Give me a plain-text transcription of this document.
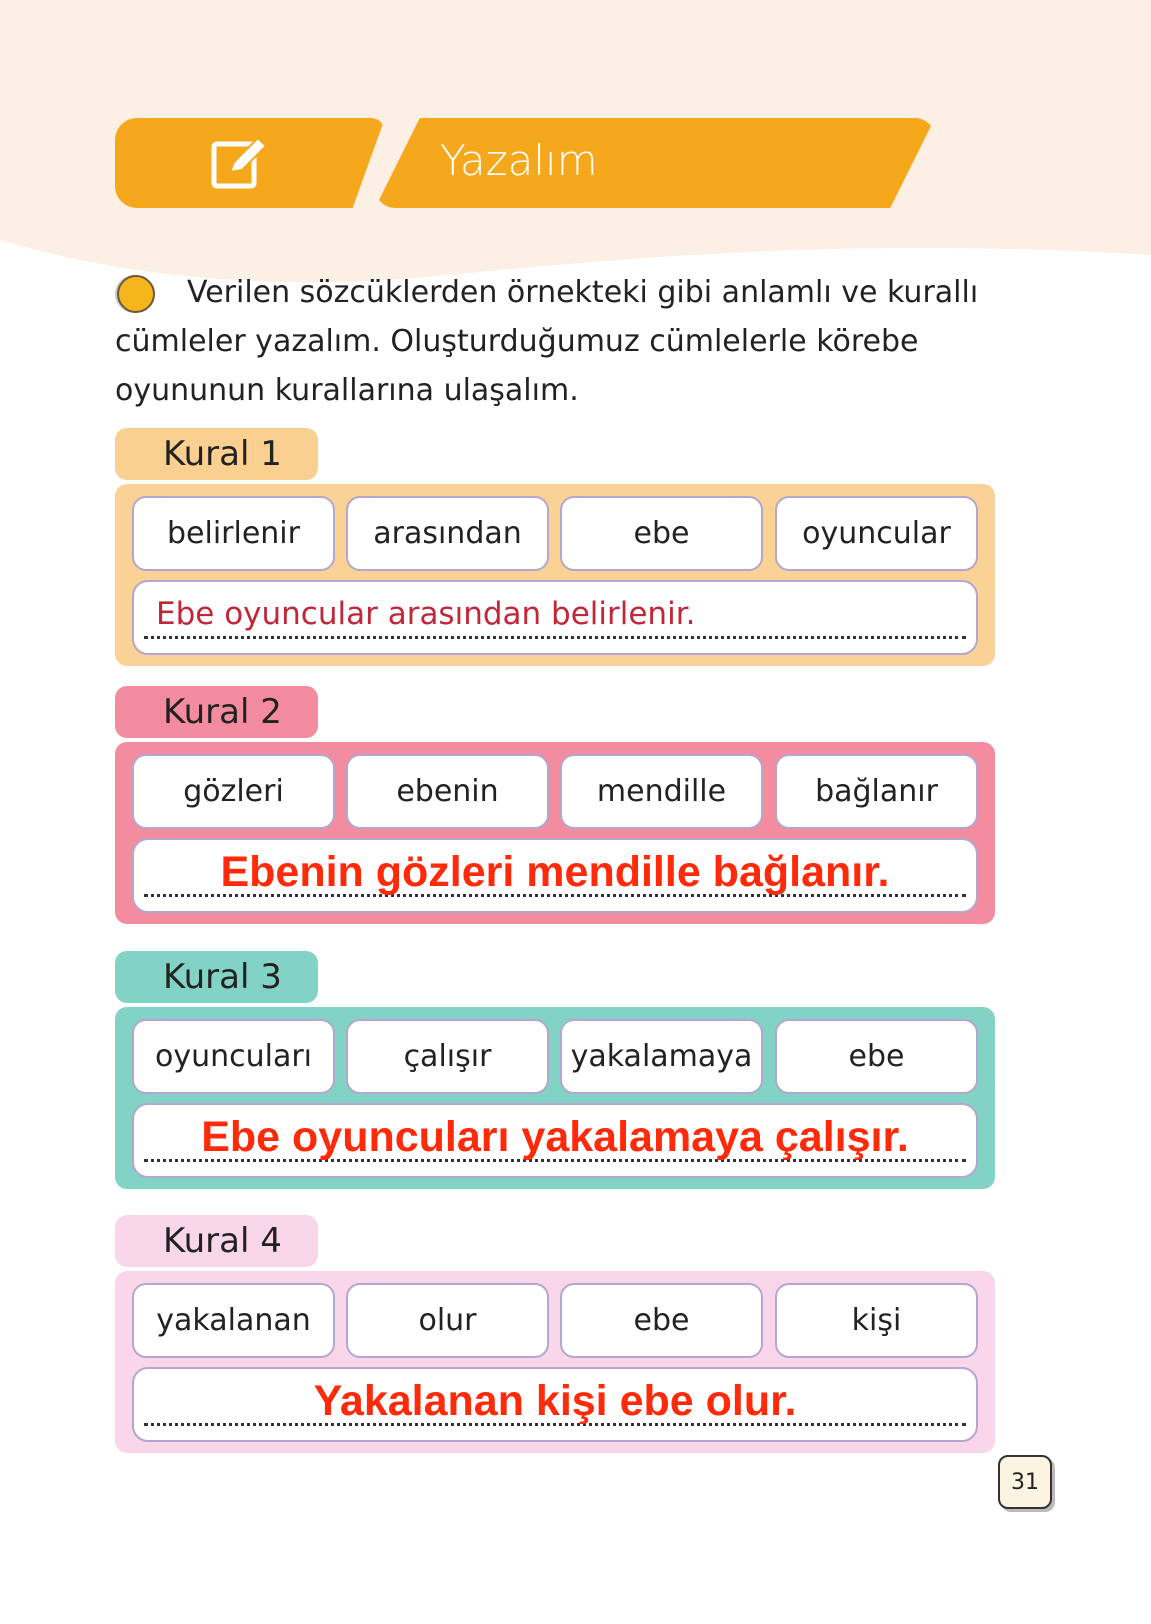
Yazalım
Verilen sözcüklerden örnekteki gibi anlamlı ve kurallı cümleler yazalım. Oluşturduğumuz cümlelerle körebe oyununun kurallarına ulaşalım.
Kural 1
belirlenir	arasından	ebe	oyuncular
Ebe oyuncular arasından belirlenir.
Kural 2
gözleri	ebenin	mendille	bağlanır
Ebenin gözleri mendille bağlanır.
Kural 3
oyuncuları	çalışır	yakalamaya	ebe
Ebe oyuncuları yakalamaya çalışır.
Kural 4
yakalanan	olur	ebe	kişi
Yakalanan kişi ebe olur.
31
